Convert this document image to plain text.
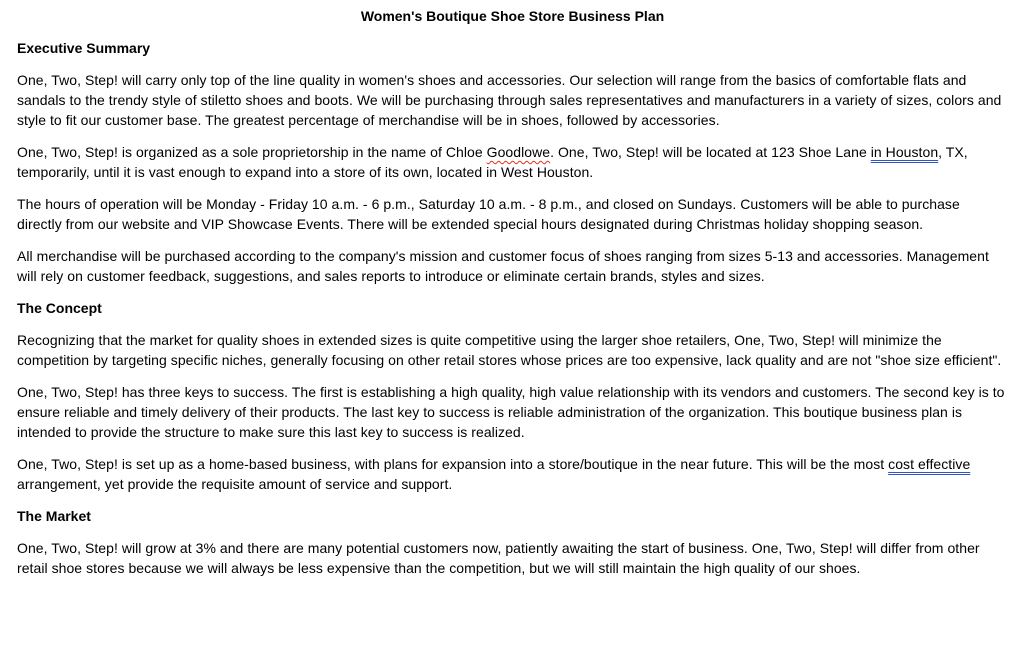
Women's Boutique Shoe Store Business Plan
Executive Summary

One, Two, Step! will carry only top of the line quality in women's shoes and accessories. Our selection will range from the basics of comfortable flats and sandals to the trendy style of stiletto shoes and boots. We will be purchasing through sales representatives and manufacturers in a variety of sizes, colors and style to fit our customer base. The greatest percentage of merchandise will be in shoes, followed by accessories.

One, Two, Step! is organized as a sole proprietorship in the name of Chloe Goodlowe. One, Two, Step! will be located at 123 Shoe Lane in Houston, TX, temporarily, until it is vast enough to expand into a store of its own, located in West Houston.

The hours of operation will be Monday - Friday 10 a.m. - 6 p.m., Saturday 10 a.m. - 8 p.m., and closed on Sundays. Customers will be able to purchase directly from our website and VIP Showcase Events. There will be extended special hours designated during Christmas holiday shopping season.

All merchandise will be purchased according to the company's mission and customer focus of shoes ranging from sizes 5-13 and accessories. Management will rely on customer feedback, suggestions, and sales reports to introduce or eliminate certain brands, styles and sizes.

The Concept

Recognizing that the market for quality shoes in extended sizes is quite competitive using the larger shoe retailers, One, Two, Step! will minimize the competition by targeting specific niches, generally focusing on other retail stores whose prices are too expensive, lack quality and are not "shoe size efficient".

One, Two, Step! has three keys to success. The first is establishing a high quality, high value relationship with its vendors and customers. The second key is to ensure reliable and timely delivery of their products. The last key to success is reliable administration of the organization. This boutique business plan is intended to provide the structure to make sure this last key to success is realized.

One, Two, Step! is set up as a home-based business, with plans for expansion into a store/boutique in the near future. This will be the most cost effective arrangement, yet provide the requisite amount of service and support.

The Market

One, Two, Step! will grow at 3% and there are many potential customers now, patiently awaiting the start of business. One, Two, Step! will differ from other retail shoe stores because we will always be less expensive than the competition, but we will still maintain the high quality of our shoes.
